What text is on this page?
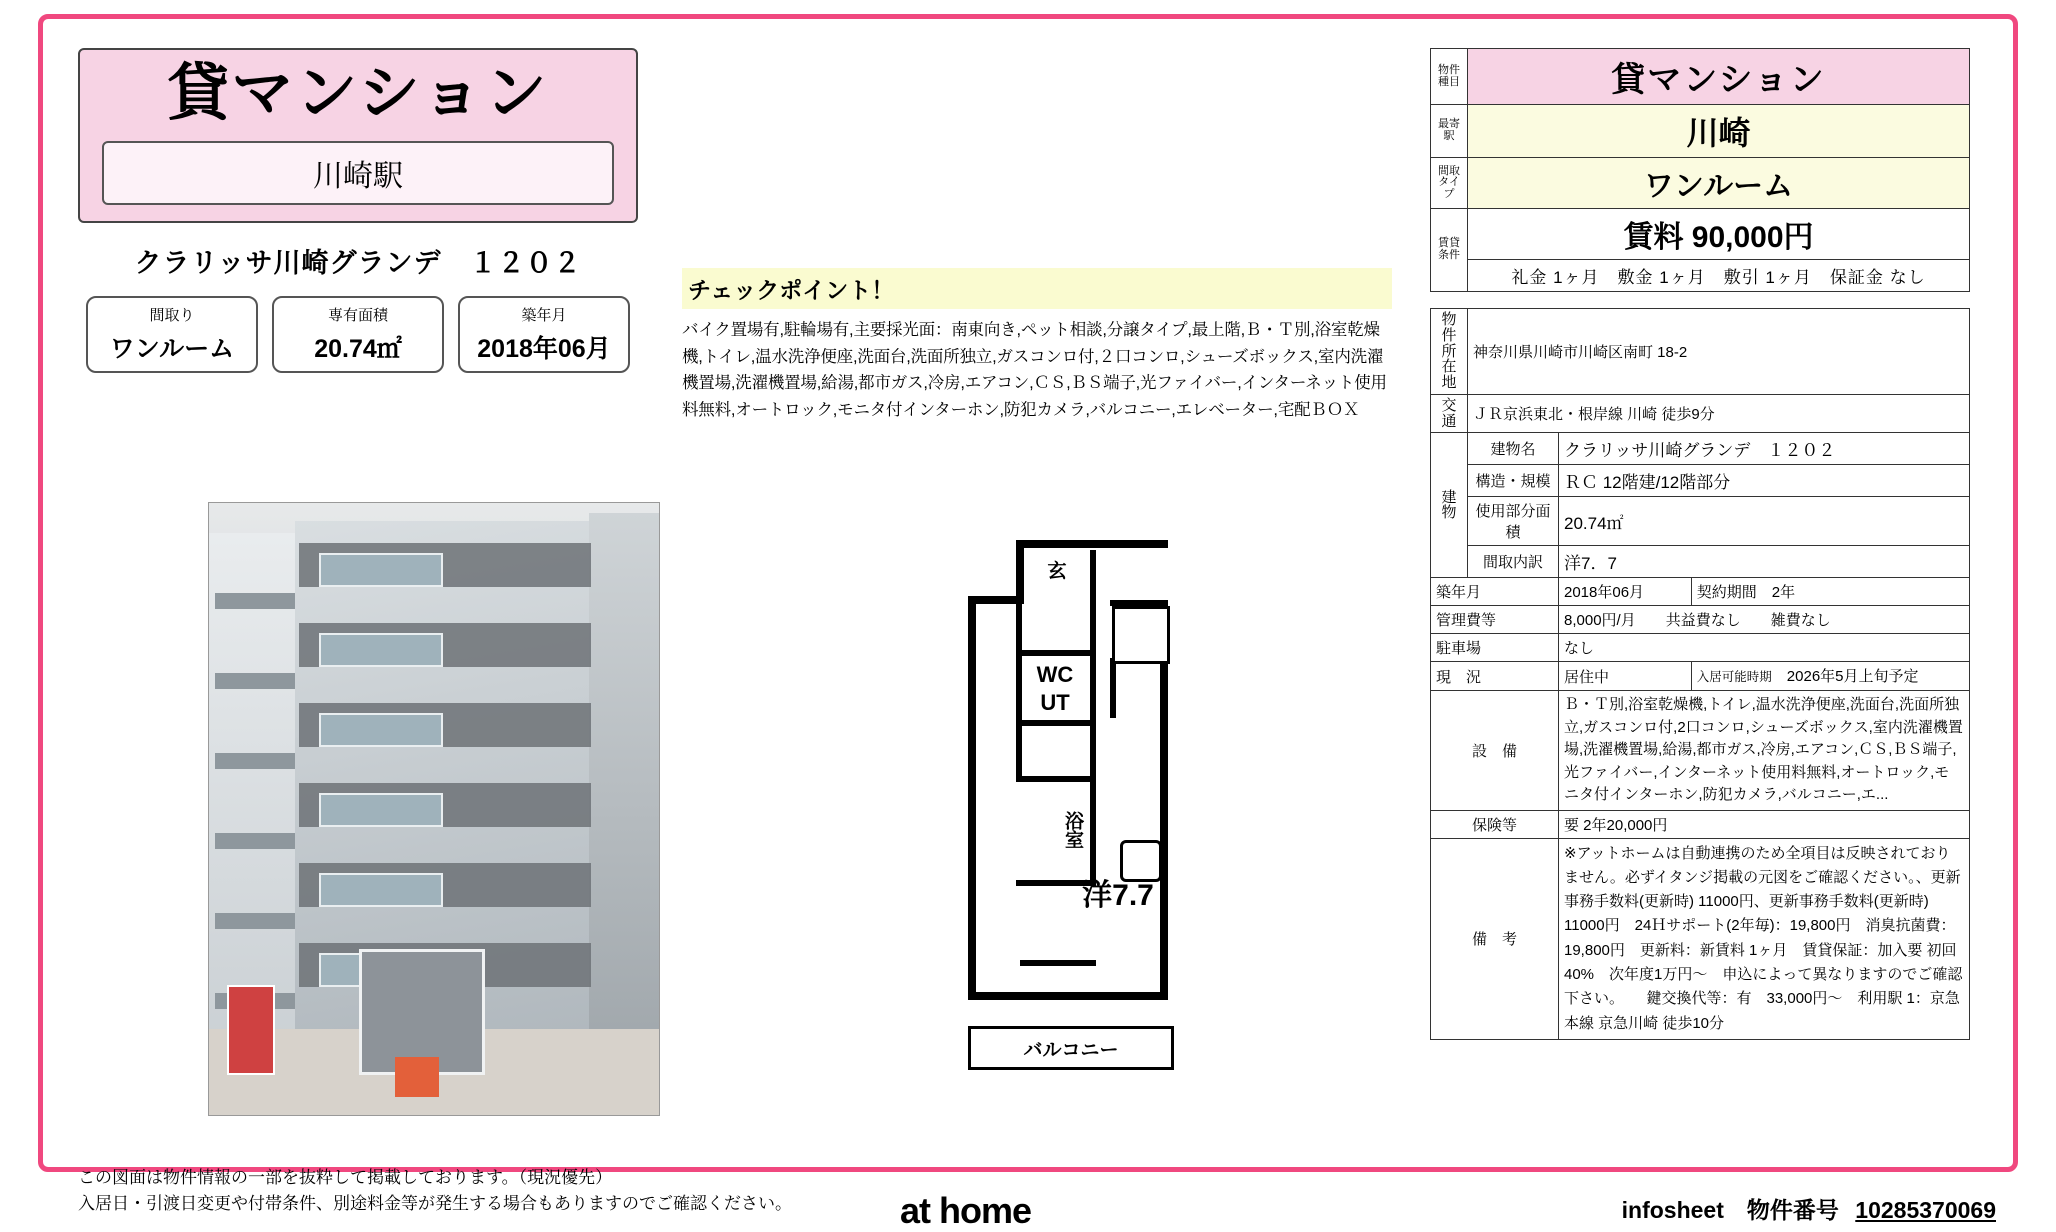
貸マンション
川崎駅
クラリッサ川崎グランデ　１２０２
間取り
ワンルーム
専有面積
20.74㎡
築年月
2018年06月
チェックポイント！
バイク置場有,駐輪場有,主要採光面：南東向き,ペット相談,分譲タイプ,最上階,Ｂ・Ｔ別,浴室乾燥機,トイレ,温水洗浄便座,洗面台,洗面所独立,ガスコンロ付,２口コンロ,シューズボックス,室内洗濯機置場,洗濯機置場,給湯,都市ガス,冷房,エアコン,ＣＳ,ＢＳ端子,光ファイバー,インターネット使用料無料,オートロック,モニタ付インターホン,防犯カメラ,バルコニー,エレベーター,宅配ＢＯＸ
玄
WC
UT
浴室
洋7.7
バルコニー
物件種目	貸マンション
最寄駅	川崎
間取タイプ	ワンルーム
賃貸条件	賃料 90,000円
	礼金 1ヶ月　敷金 1ヶ月　敷引 1ヶ月　保証金 なし
物件所在地	神奈川県川崎市川崎区南町 18-2		
交通	ＪＲ京浜東北・根岸線 川崎 徒歩9分		
建物	建物名	クラリッサ川崎グランデ　１２０２	
	構造・規模	ＲＣ 12階建/12階部分	
	使用部分面積	20.74㎡	
	間取内訳	洋7．7	
築年月		2018年06月	契約期間　 2年
管理費等		8,000円/月　　共益費なし　　雑費なし	
駐車場		なし	
現　況		居住中	入居可能時期　 2026年5月上旬予定
設　備		Ｂ・Ｔ別,浴室乾燥機,トイレ,温水洗浄便座,洗面台,洗面所独立,ガスコンロ付,2口コンロ,シューズボックス,室内洗濯機置場,洗濯機置場,給湯,都市ガス,冷房,エアコン,ＣＳ,ＢＳ端子,光ファイバー,インターネット使用料無料,オートロック,モニタ付インターホン,防犯カメラ,バルコニー,エ...	
保険等		要 2年20,000円	
備　考		※アットホームは自動連携のため全項目は反映されておりません。必ずイタンジ掲載の元図をご確認ください。、更新事務手数料(更新時) 11000円、更新事務手数料(更新時) 11000円　24Ｈサポート(2年毎)：19,800円　消臭抗菌費：19,800円　更新料：新賃料 1ヶ月　賃貸保証：加入要 初回40%　次年度1万円～　申込によって異なりますのでご確認下さい。　　鍵交換代等：有　33,000円～　利用駅 1：京急本線 京急川崎 徒歩10分	
この図面は物件情報の一部を抜粋して掲載しております。（現況優先）
入居日・引渡日変更や付帯条件、別途料金等が発生する場合もありますのでご確認ください。	at home	infosheet　物件番号 10285370069
